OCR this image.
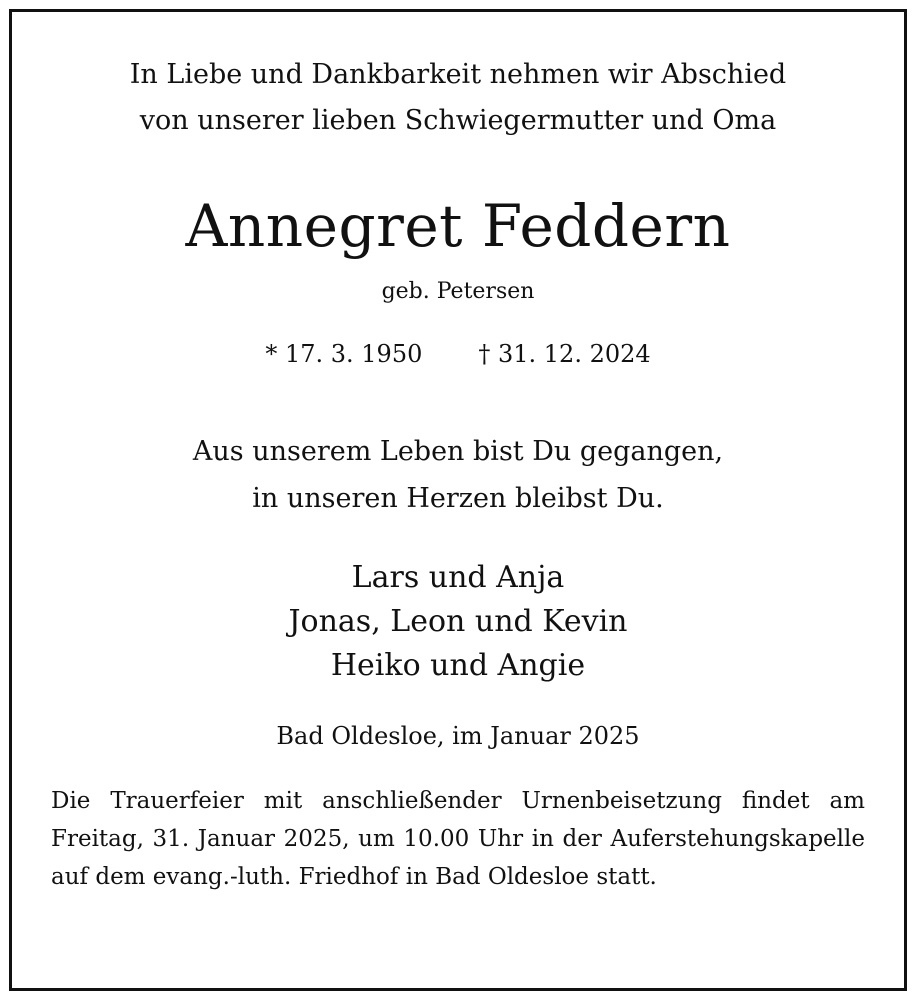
In Liebe und Dankbarkeit nehmen wir Abschied
von unserer lieben Schwiegermutter und Oma
Annegret Feddern
geb. Petersen
* 17. 3. 1950 † 31. 12. 2024
Aus unserem Leben bist Du gegangen,
in unseren Herzen bleibst Du.
Lars und Anja
Jonas, Leon und Kevin
Heiko und Angie
Bad Oldesloe, im Januar 2025
Die Trauerfeier mit anschließender Urnenbeisetzung findet am Freitag, 31. Januar 2025, um 10.00 Uhr in der Auferstehungskapelle auf dem evang.-luth. Friedhof in Bad Oldesloe statt.
